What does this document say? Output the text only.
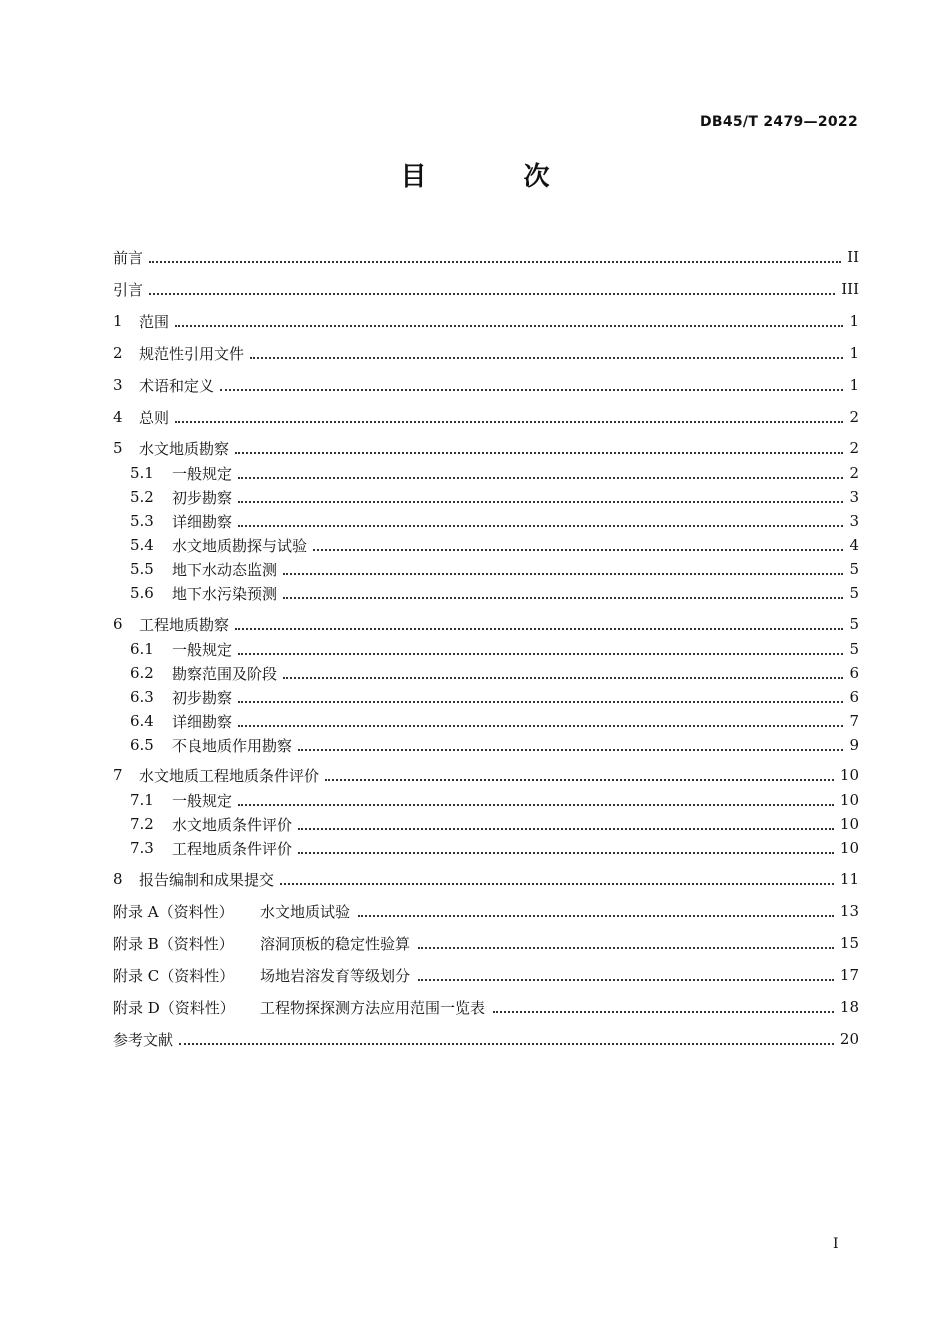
DB45/T 2479—2022
目 次
前言	II
引言	III
1	范围	1
2	规范性引用文件	1
3	术语和定义	1
4	总则	2
5	水文地质勘察	2
5.1	一般规定	2
5.2	初步勘察	3
5.3	详细勘察	3
5.4	水文地质勘探与试验	4
5.5	地下水动态监测	5
5.6	地下水污染预测	5
6	工程地质勘察	5
6.1	一般规定	5
6.2	勘察范围及阶段	6
6.3	初步勘察	6
6.4	详细勘察	7
6.5	不良地质作用勘察	9
7	水文地质工程地质条件评价	10
7.1	一般规定	10
7.2	水文地质条件评价	10
7.3	工程地质条件评价	10
8	报告编制和成果提交	11
附录 A（资料性）	水文地质试验	13
附录 B（资料性）	溶洞顶板的稳定性验算	15
附录 C（资料性）	场地岩溶发育等级划分	17
附录 D（资料性）	工程物探探测方法应用范围一览表	18
参考文献	20
I
